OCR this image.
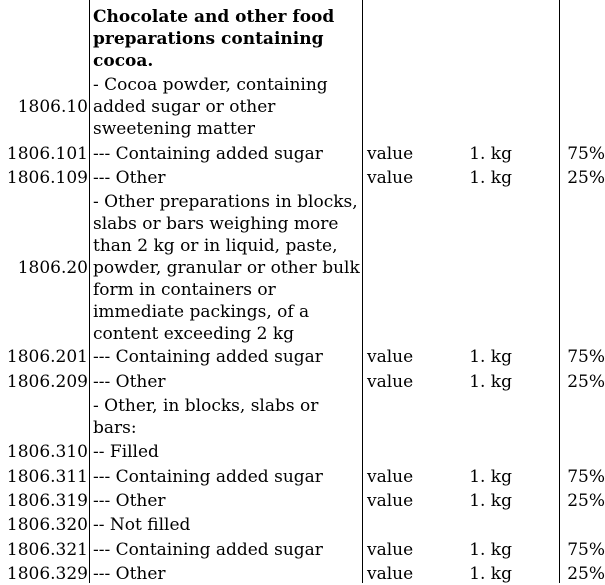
Chocolate and other food preparations containing cocoa.
1806.10
- Cocoa powder, containing added sugar or other sweetening matter
1806.101 --- Containing added sugar	value	1. kg	75%
1806.109 --- Other	value	1. kg	25%
1806.20
- Other preparations in blocks, slabs or bars weighing more than 2 kg or in liquid, paste, powder, granular or other bulk form in containers or immediate packings, of a content exceeding 2 kg
1806.201 --- Containing added sugar	value	1. kg	75%
1806.209 --- Other	value	1. kg	25%
- Other, in blocks, slabs or bars:
1806.310 -- Filled
1806.311 --- Containing added sugar	value	1. kg	75%
1806.319 --- Other	value	1. kg	25%
1806.320 -- Not filled
1806.321 --- Containing added sugar	value	1. kg	75%
1806.329 --- Other	value	1. kg	25%
